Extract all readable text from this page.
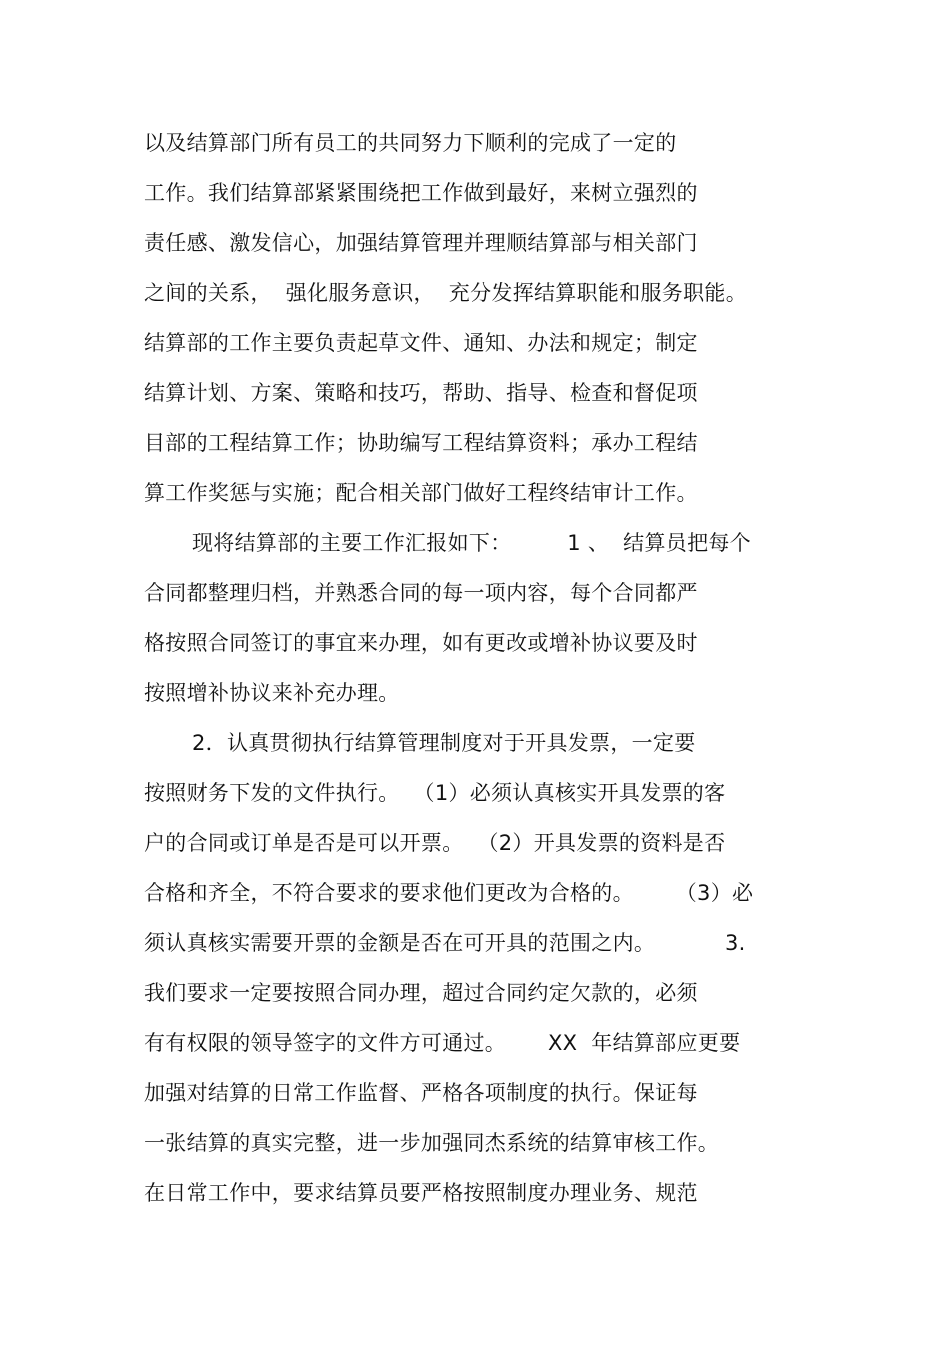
以及结算部门所有员工的共同努力下顺利的完成了一定的
工作。我们结算部紧紧围绕把工作做到最好，来树立强烈的
责任感、激发信心，加强结算管理并理顺结算部与相关部门
之间的关系，  强化服务意识，  充分发挥结算职能和服务职能。
结算部的工作主要负责起草文件、通知、办法和规定；制定
结算计划、方案、策略和技巧，帮助、指导、检查和督促项
目部的工程结算工作；协助编写工程结算资料；承办工程结
算工作奖惩与实施；配合相关部门做好工程终结审计工作。
现将结算部的主要工作汇报如下：        1 、  结算员把每个
合同都整理归档，并熟悉合同的每一项内容，每个合同都严
格按照合同签订的事宜来办理，如有更改或增补协议要及时
按照增补协议来补充办理。
2．认真贯彻执行结算管理制度对于开具发票，一定要
按照财务下发的文件执行。  （1）必须认真核实开具发票的客
户的合同或订单是否是可以开票。  （2）开具发票的资料是否
合格和齐全，不符合要求的要求他们更改为合格的。      （3）必
须认真核实需要开票的金额是否在可开具的范围之内。          3.
我们要求一定要按照合同办理，超过合同约定欠款的，必须
有有权限的领导签字的文件方可通过。      XX  年结算部应更要
加强对结算的日常工作监督、严格各项制度的执行。保证每
一张结算的真实完整，进一步加强同杰系统的结算审核工作。
在日常工作中，要求结算员要严格按照制度办理业务、规范
